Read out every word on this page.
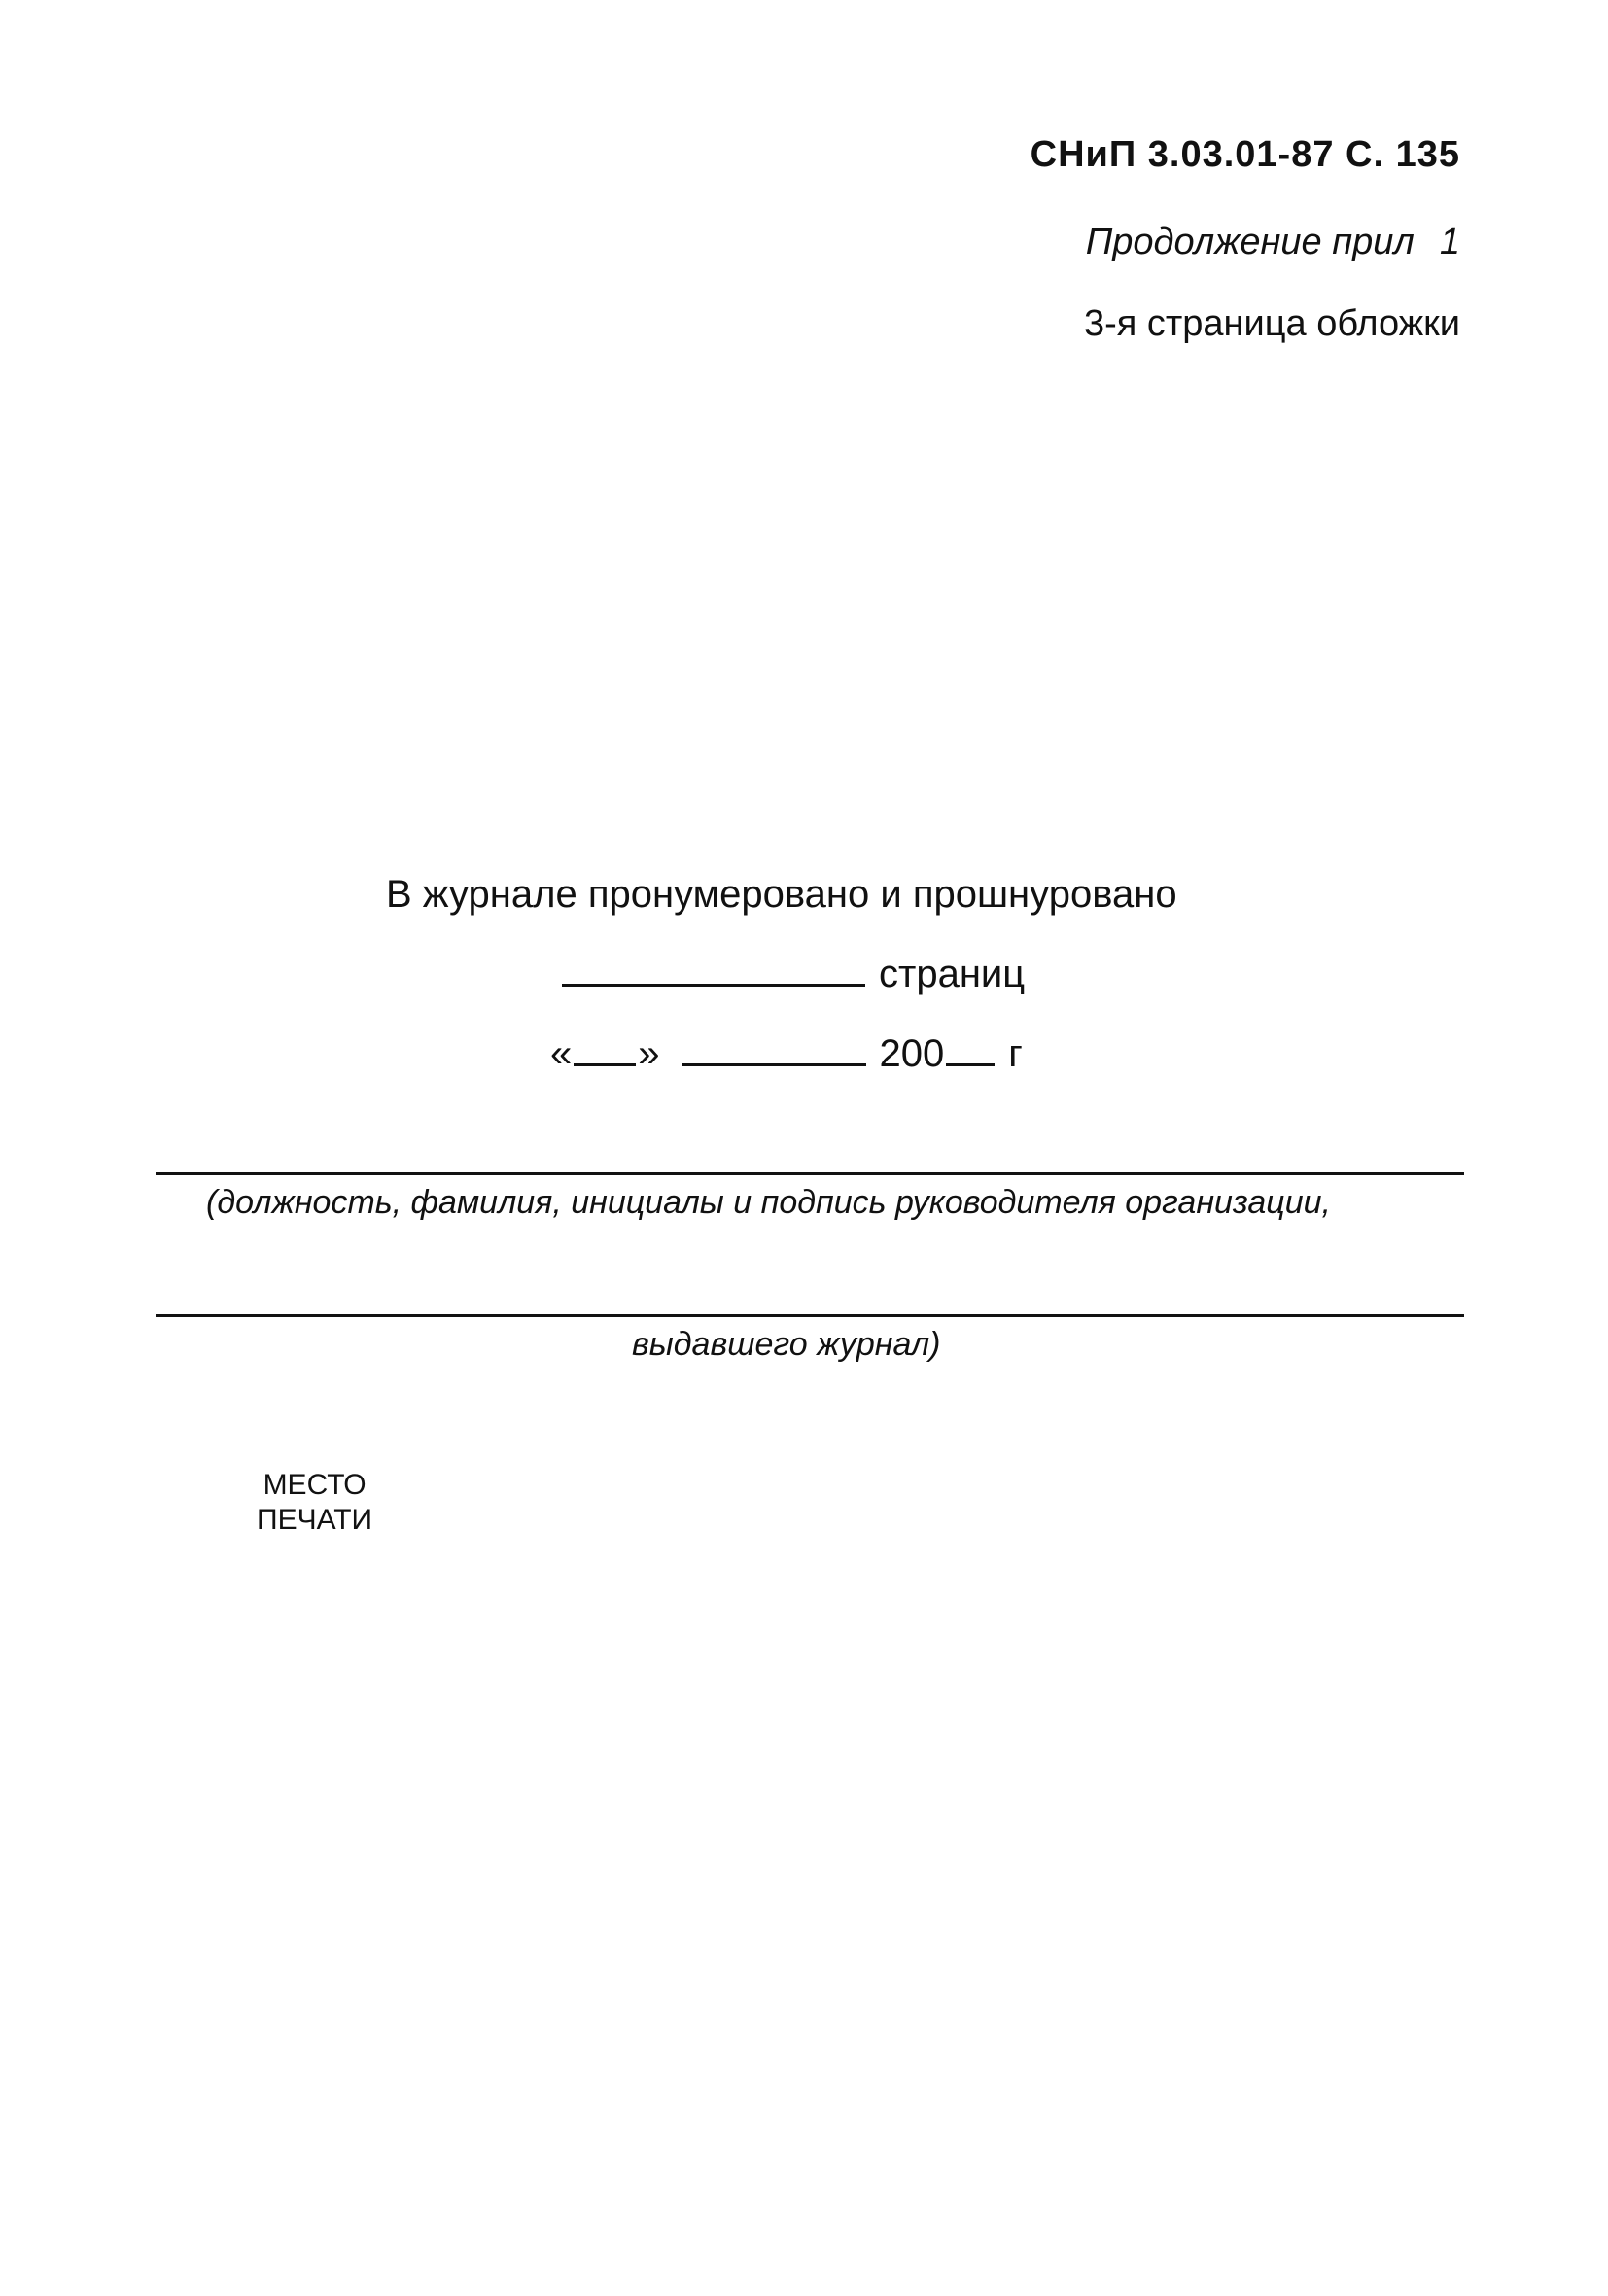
СНиП 3.03.01-87 С. 135
Продолжение прил 1
3-я страница обложки
В журнале пронумеровано и прошнуровано
страниц
« »	200 г
(должность, фамилия, инициалы и подпись руководителя организации,
выдавшего журнал)
МЕСТО
ПЕЧАТИ
